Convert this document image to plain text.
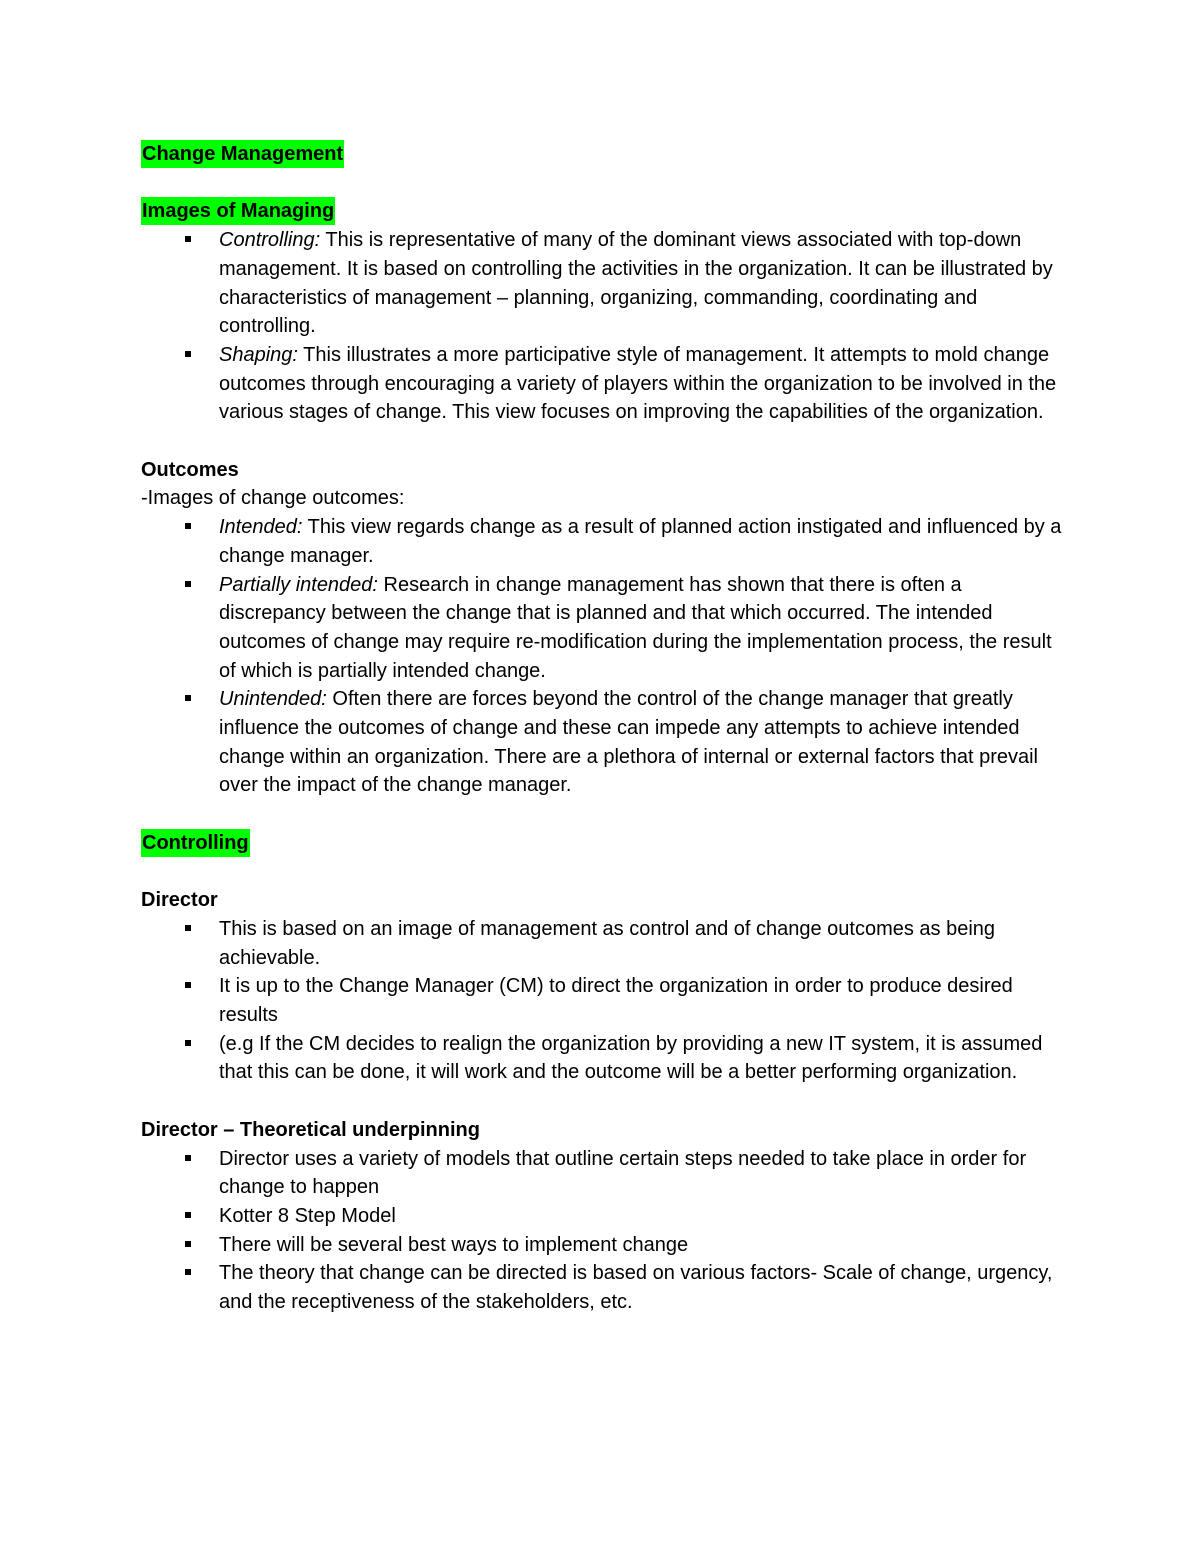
Change Management
Images of Managing
Controlling: This is representative of many of the dominant views associated with top-down management. It is based on controlling the activities in the organization. It can be illustrated by characteristics of management – planning, organizing, commanding, coordinating and controlling.
Shaping: This illustrates a more participative style of management. It attempts to mold change outcomes through encouraging a variety of players within the organization to be involved in the various stages of change. This view focuses on improving the capabilities of the organization.
Outcomes
-Images of change outcomes:
Intended: This view regards change as a result of planned action instigated and influenced by a change manager.
Partially intended: Research in change management has shown that there is often a discrepancy between the change that is planned and that which occurred. The intended outcomes of change may require re-modification during the implementation process, the result of which is partially intended change.
Unintended: Often there are forces beyond the control of the change manager that greatly influence the outcomes of change and these can impede any attempts to achieve intended change within an organization. There are a plethora of internal or external factors that prevail over the impact of the change manager.
Controlling
Director
This is based on an image of management as control and of change outcomes as being achievable.
It is up to the Change Manager (CM) to direct the organization in order to produce desired results
(e.g If the CM decides to realign the organization by providing a new IT system, it is assumed that this can be done, it will work and the outcome will be a better performing organization.
Director – Theoretical underpinning
Director uses a variety of models that outline certain steps needed to take place in order for change to happen
Kotter 8 Step Model
There will be several best ways to implement change
The theory that change can be directed is based on various factors- Scale of change, urgency, and the receptiveness of the stakeholders, etc.
